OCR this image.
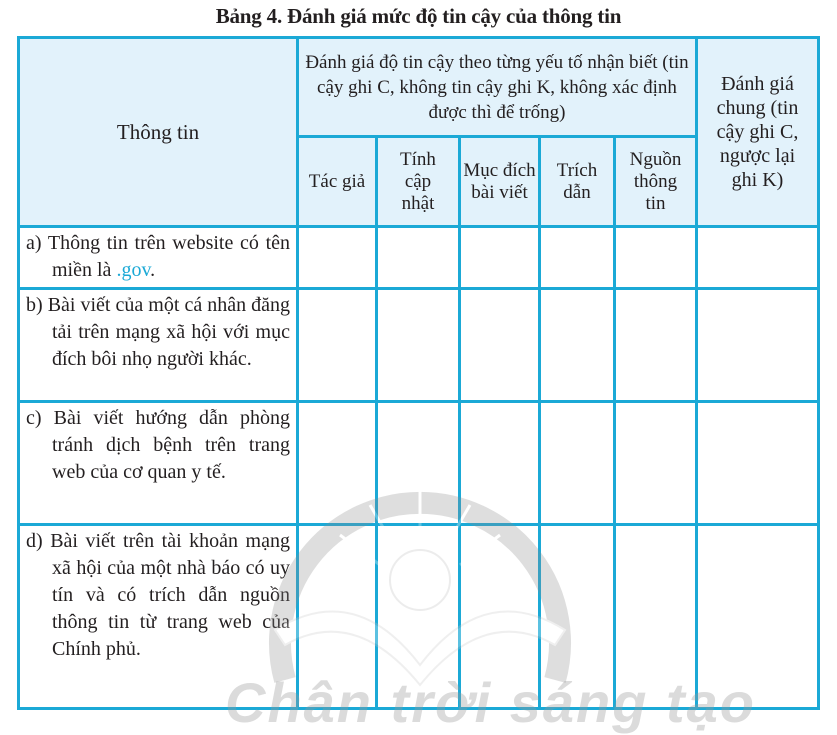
Bảng 4. Đánh giá mức độ tin cậy của thông tin
Thông tin	Đánh giá độ tin cậy theo từng yếu tố nhận biết (tin cậy ghi C, không tin cậy ghi K, không xác định được thì để trống)					Đánh giá chung (tin cậy ghi C, ngược lại ghi K)
	Tác giả	Tính cập nhật	Mục đích bài viết	Trích dẫn	Nguồn thông tin	

a) Thông tin trên website có tên miền là .gov.						

b) Bài viết của một cá nhân đăng tải trên mạng xã hội với mục đích bôi nhọ người khác.						

c) Bài viết hướng dẫn phòng tránh dịch bệnh trên trang web của cơ quan y tế.						

d) Bài viết trên tài khoản mạng xã hội của một nhà báo có uy tín và có trích dẫn nguồn thông tin từ trang web của Chính phủ.						

Chân trời sáng tạo
